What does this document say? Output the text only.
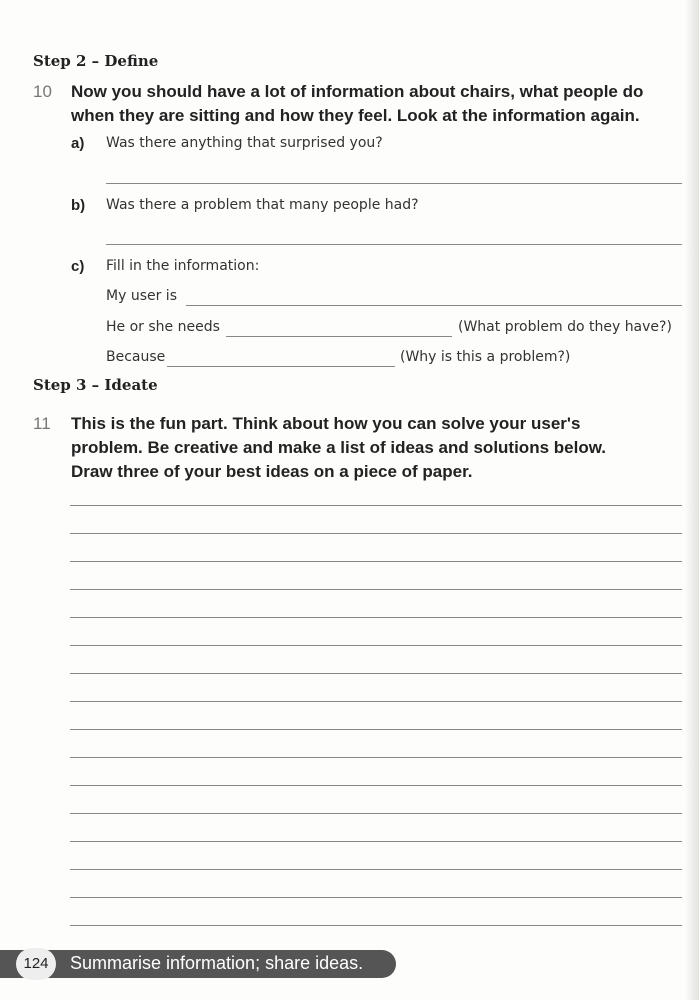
Step 2 – Define
10 Now you should have a lot of information about chairs, what people do
when they are sitting and how they feel. Look at the information again.
a) Was there anything that surprised you?
b) Was there a problem that many people had?
c) Fill in the information:
My user is
He or she needs	(What problem do they have?)
Because	(Why is this a problem?)
Step 3 – Ideate
11 This is the fun part. Think about how you can solve your user's
problem. Be creative and make a list of ideas and solutions below.
Draw three of your best ideas on a piece of paper.
124	Summarise information; share ideas.
